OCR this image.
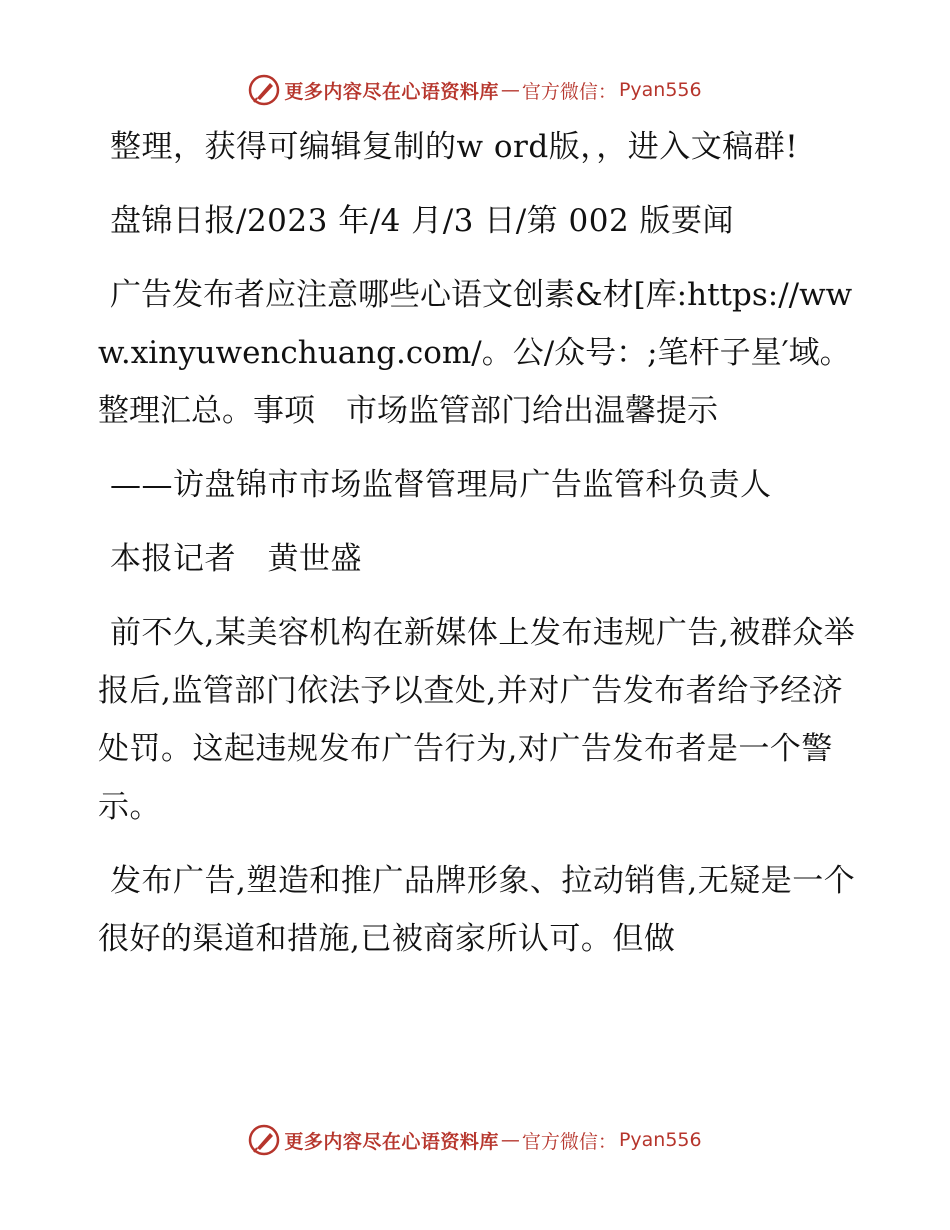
更多内容尽在心语资料库 — 官方微信： Pyan556

整理，获得可编辑复制的w ord版，，进入文稿群!

盘锦日报/2023 年/4 月/3 日/第 002 版要闻

广告发布者应注意哪些心语文创素&材[库:https://www.xinyuwenchuang.com/。公/众号：;笔杆子星′域。整理汇总。事项　市场监管部门给出温馨提示

——访盘锦市市场监督管理局广告监管科负责人

本报记者　黄世盛

前不久,某美容机构在新媒体上发布违规广告,被群众举报后,监管部门依法予以查处,并对广告发布者给予经济处罚。这起违规发布广告行为,对广告发布者是一个警示。

发布广告,塑造和推广品牌形象、拉动销售,无疑是一个很好的渠道和措施,已被商家所认可。但做

更多内容尽在心语资料库 — 官方微信： Pyan556
